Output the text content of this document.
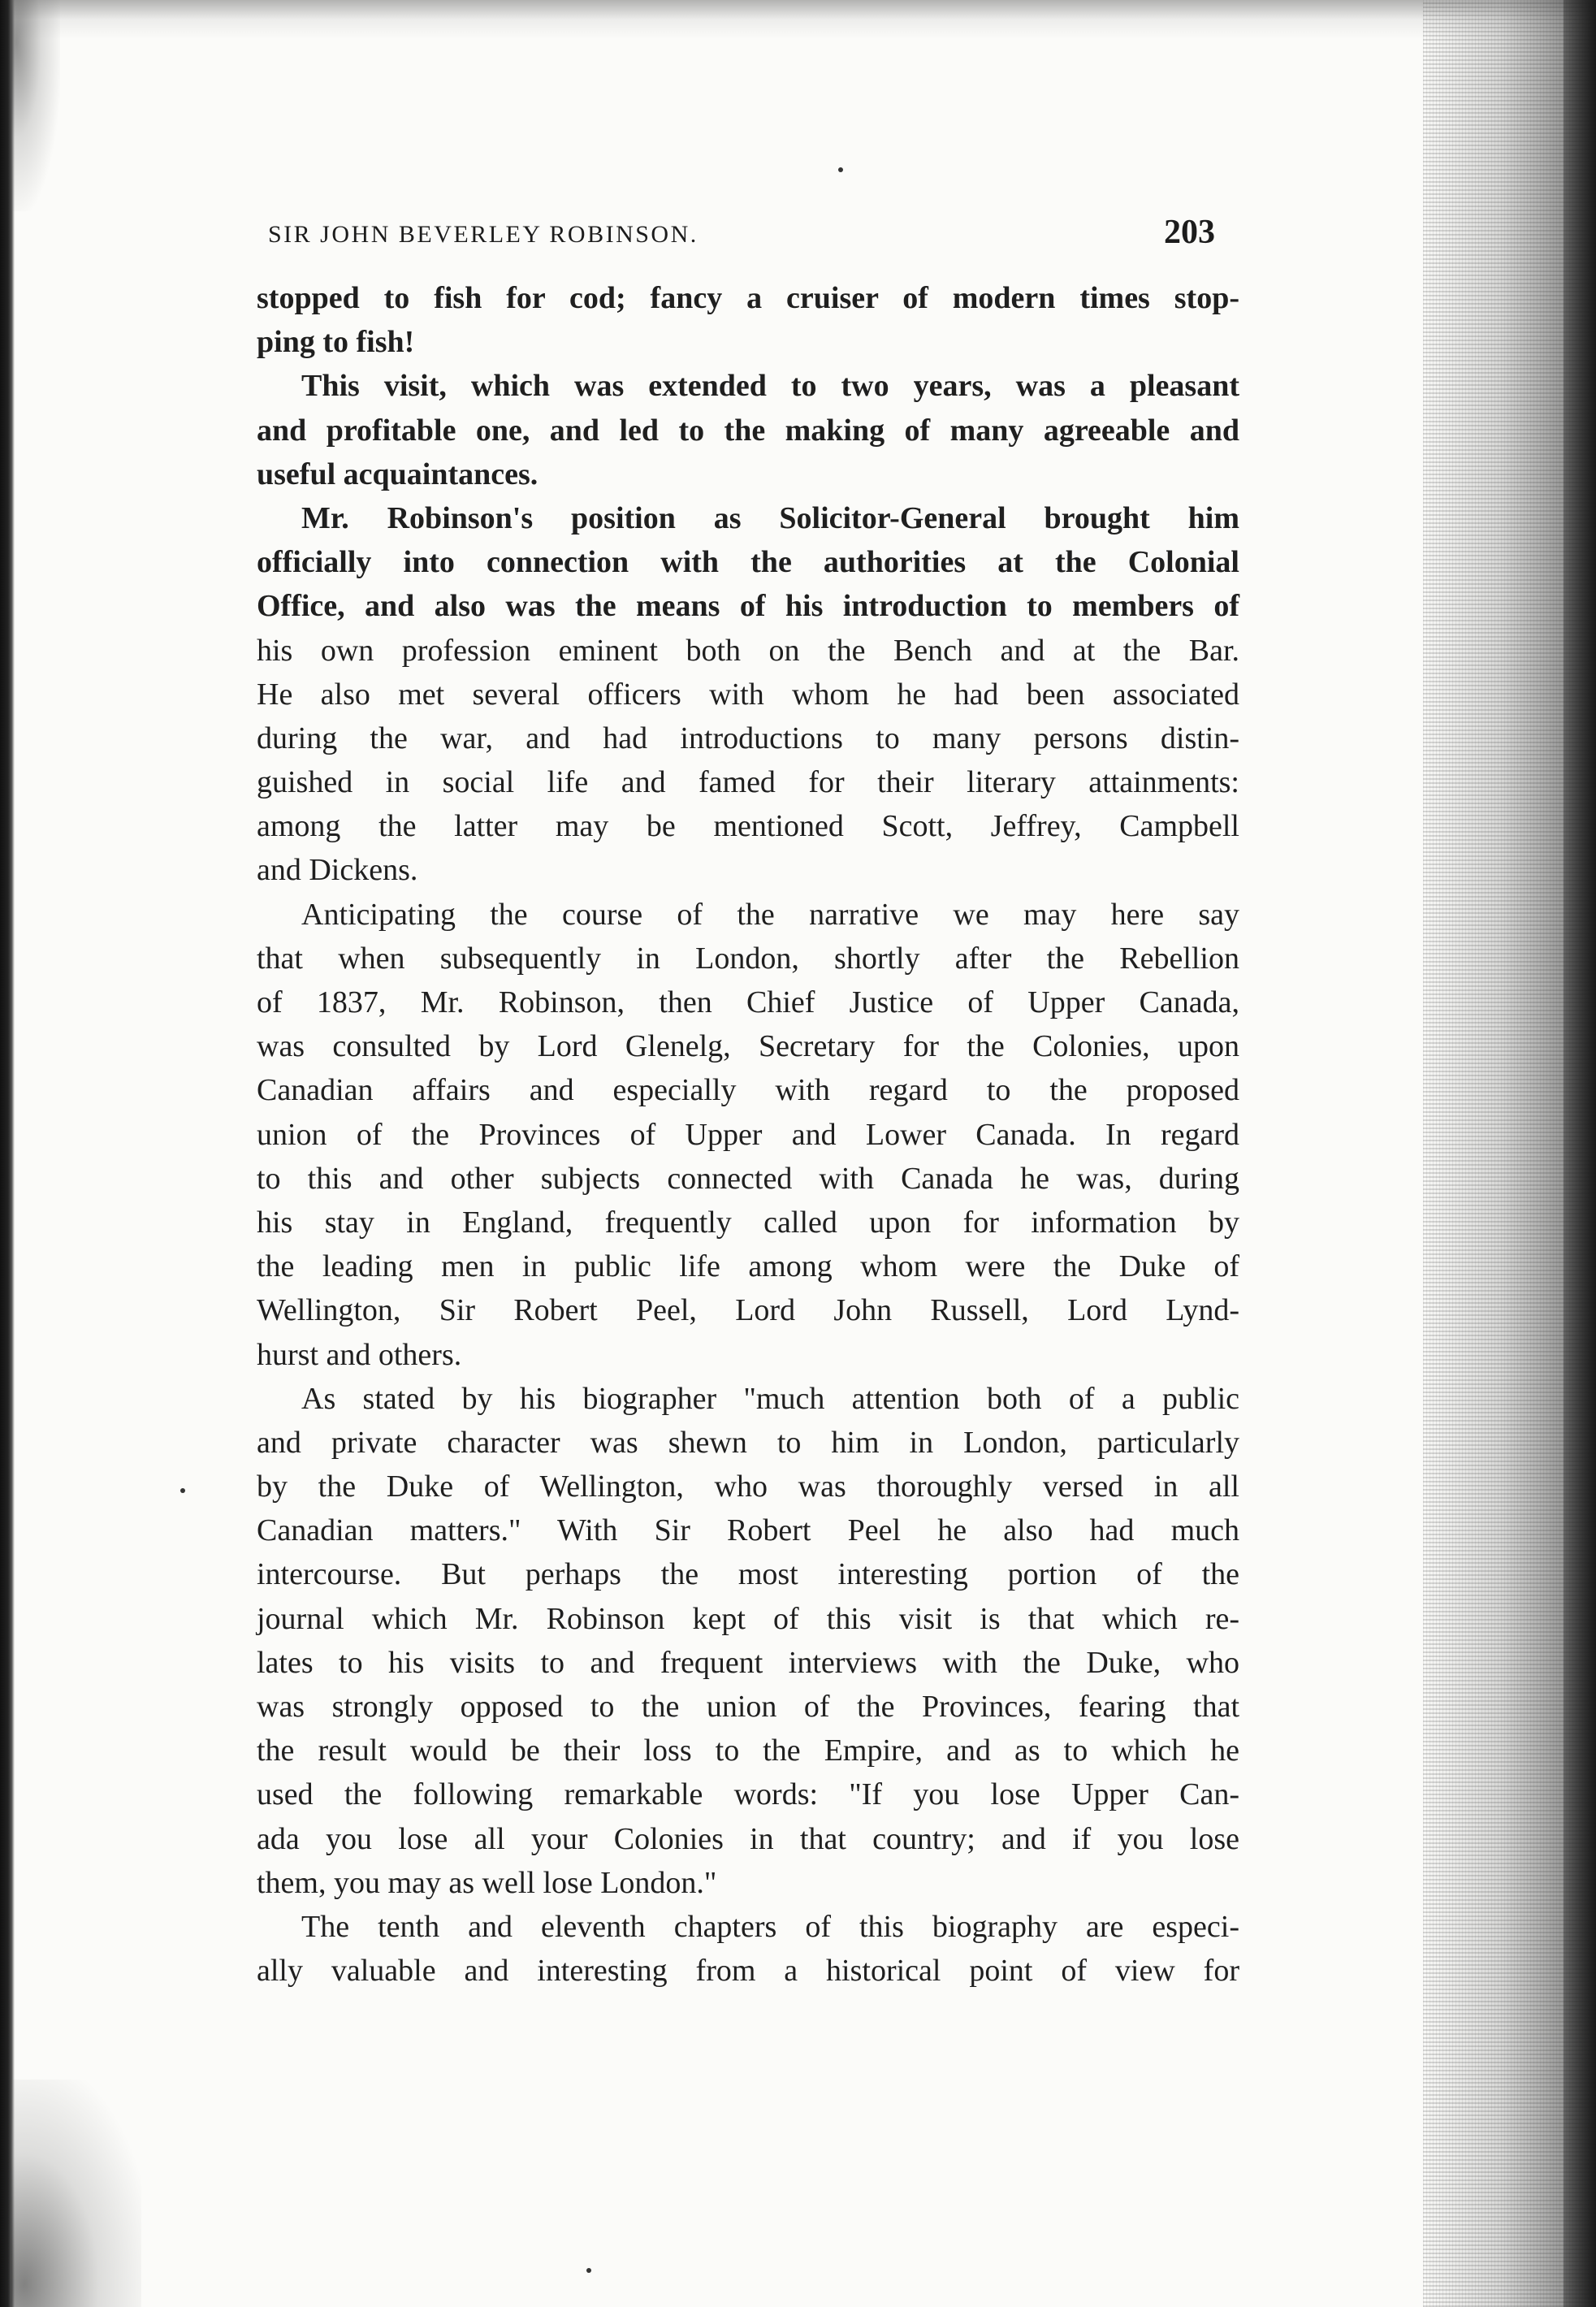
SIR JOHN BEVERLEY ROBINSON.	203
stopped to fish for cod; fancy a cruiser of modern times stop-
ping to fish!
This visit, which was extended to two years, was a pleasant
and profitable one, and led to the making of many agreeable and
useful acquaintances.
Mr. Robinson's position as Solicitor-General brought him
officially into connection with the authorities at the Colonial
Office, and also was the means of his introduction to members of
his own profession eminent both on the Bench and at the Bar.
He also met several officers with whom he had been associated
during the war, and had introductions to many persons distin-
guished in social life and famed for their literary attainments:
among the latter may be mentioned Scott, Jeffrey, Campbell
and Dickens.
Anticipating the course of the narrative we may here say
that when subsequently in London, shortly after the Rebellion
of 1837, Mr. Robinson, then Chief Justice of Upper Canada,
was consulted by Lord Glenelg, Secretary for the Colonies, upon
Canadian affairs and especially with regard to the proposed
union of the Provinces of Upper and Lower Canada. In regard
to this and other subjects connected with Canada he was, during
his stay in England, frequently called upon for information by
the leading men in public life among whom were the Duke of
Wellington, Sir Robert Peel, Lord John Russell, Lord Lynd-
hurst and others.
As stated by his biographer "much attention both of a public
and private character was shewn to him in London, particularly
by the Duke of Wellington, who was thoroughly versed in all
Canadian matters." With Sir Robert Peel he also had much
intercourse. But perhaps the most interesting portion of the
journal which Mr. Robinson kept of this visit is that which re-
lates to his visits to and frequent interviews with the Duke, who
was strongly opposed to the union of the Provinces, fearing that
the result would be their loss to the Empire, and as to which he
used the following remarkable words: "If you lose Upper Can-
ada you lose all your Colonies in that country; and if you lose
them, you may as well lose London."
The tenth and eleventh chapters of this biography are especi-
ally valuable and interesting from a historical point of view for
